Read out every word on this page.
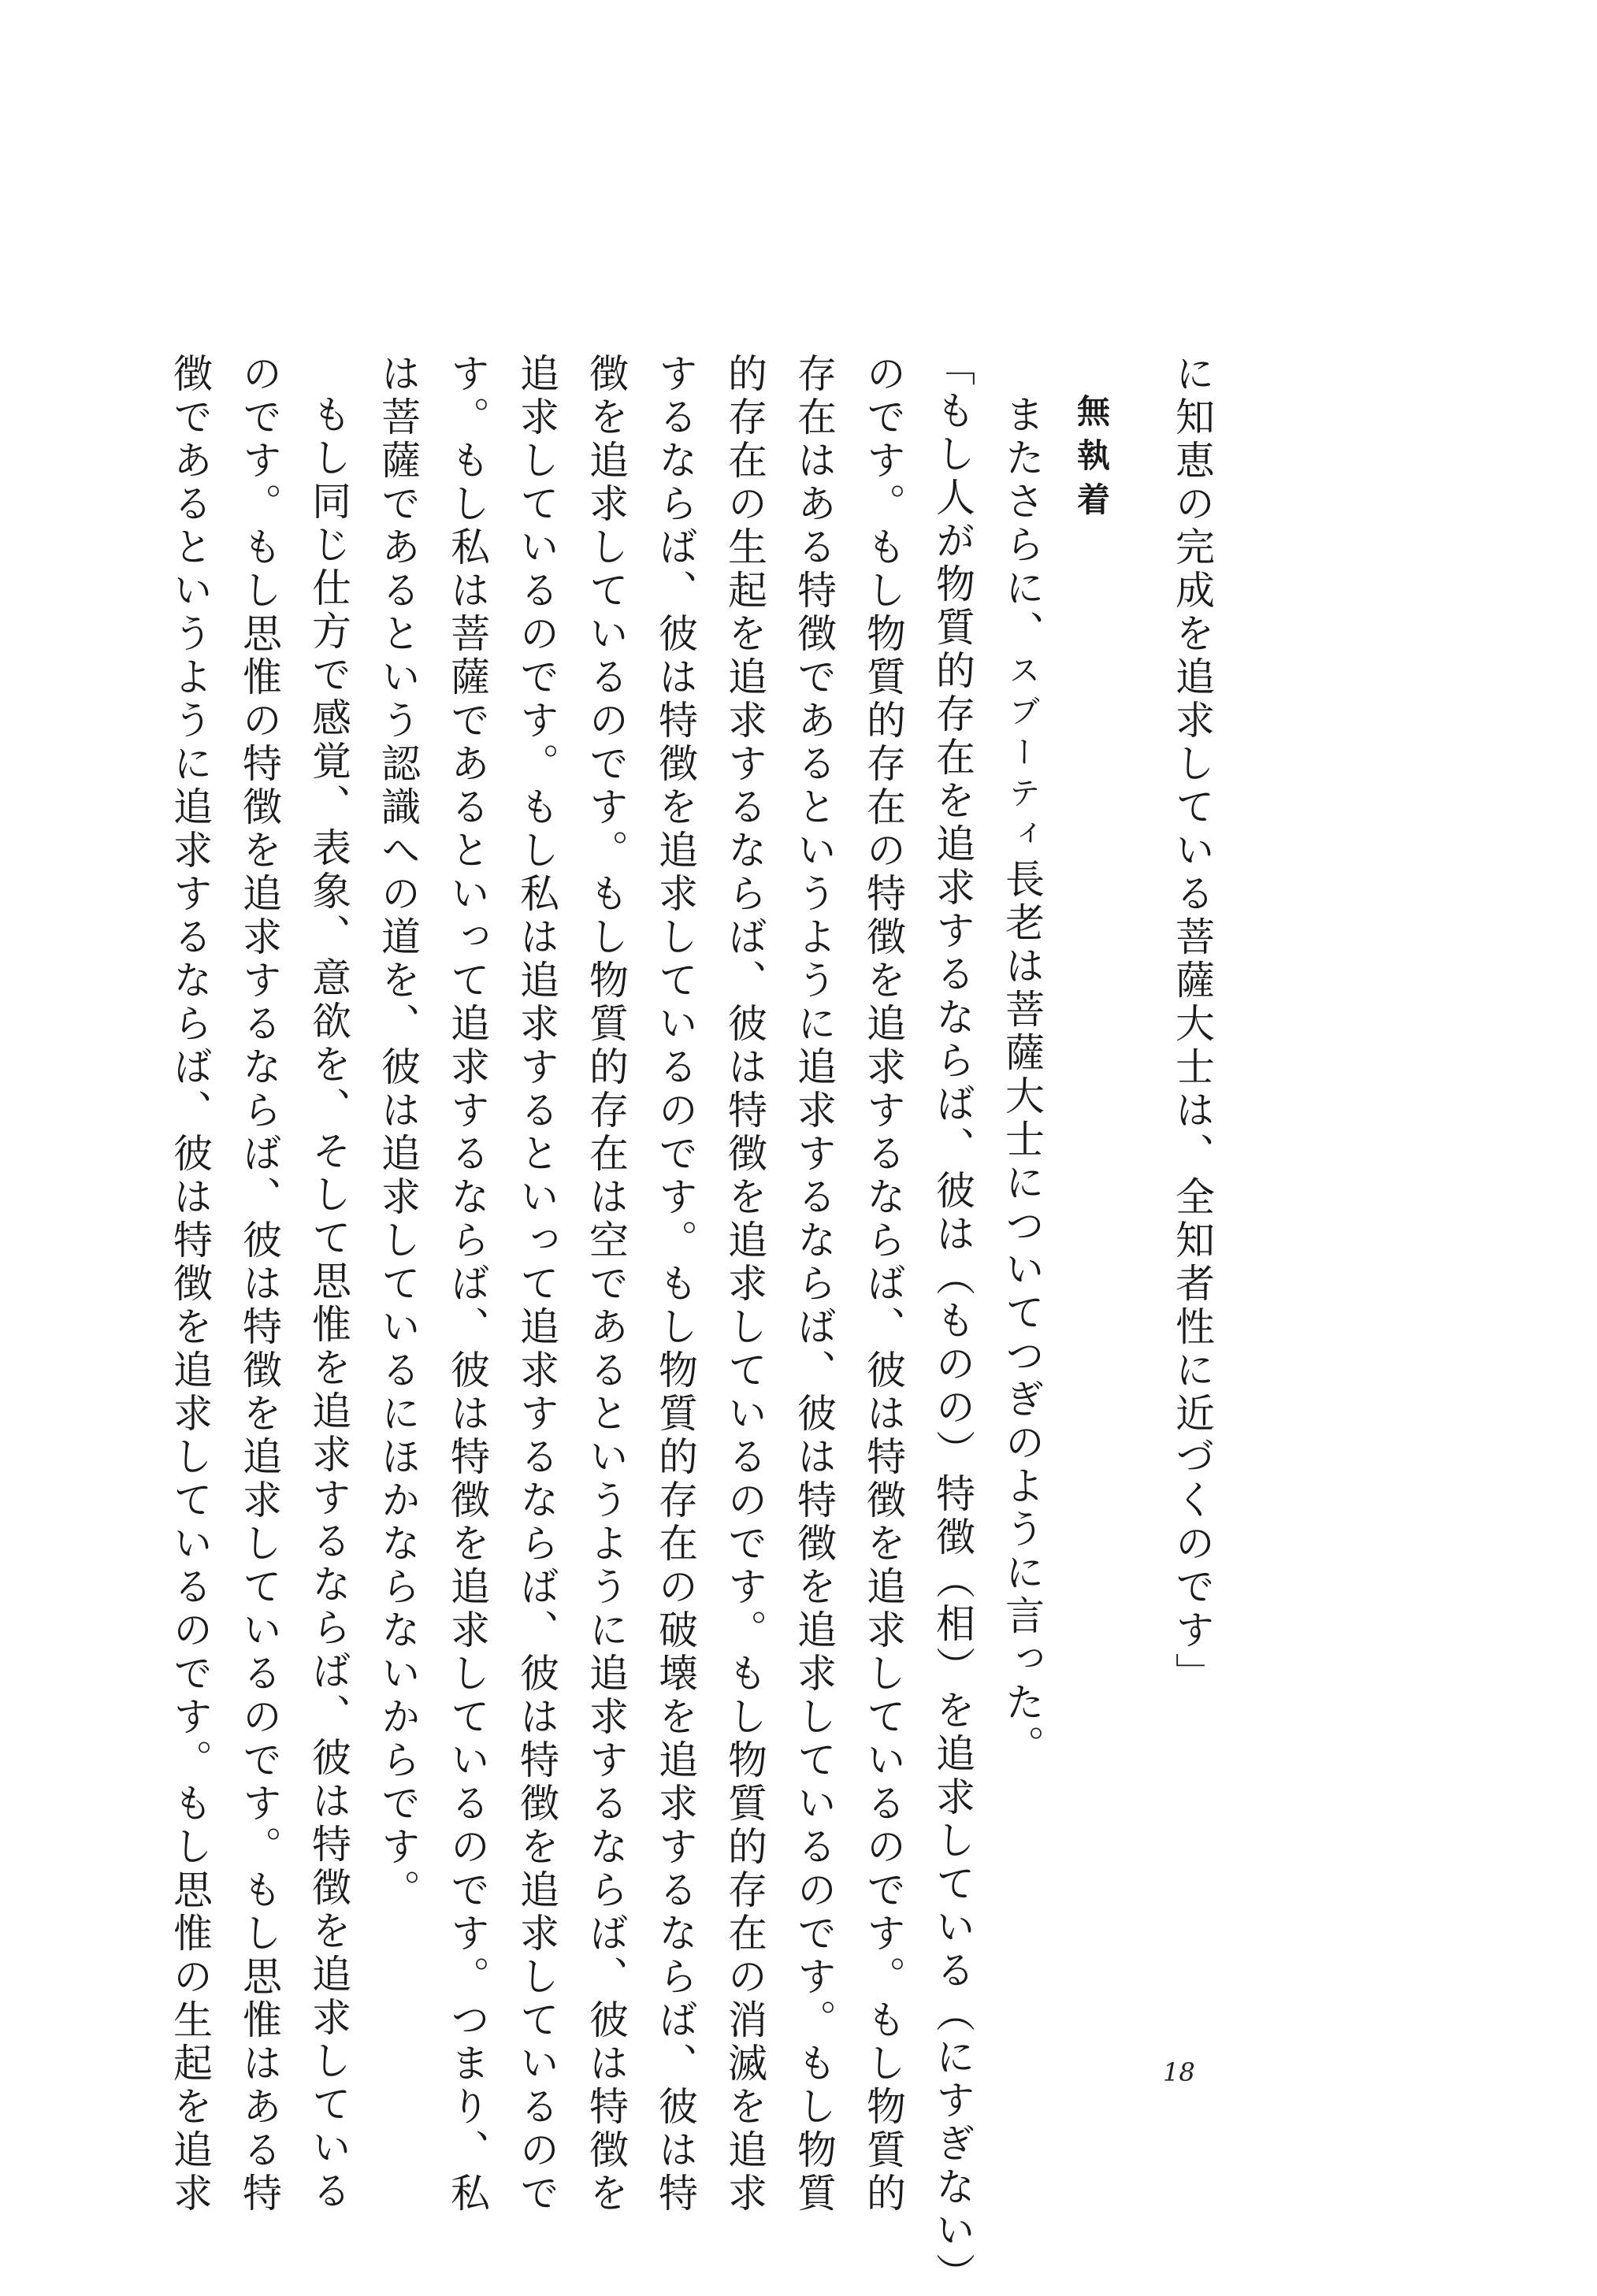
に知恵の完成を追求している菩薩大士は、全知者性に近づくのです」
無執着
またさらに、スブーティ長老は菩薩大士についてつぎのように言った。
「もし人が物質的存在を追求するならば、彼は（ものの）特徴（相）を追求している（にすぎない）
のです。もし物質的存在の特徴を追求するならば、彼は特徴を追求しているのです。もし物質的
存在はある特徴であるというように追求するならば、彼は特徴を追求しているのです。もし物質
的存在の生起を追求するならば、彼は特徴を追求しているのです。もし物質的存在の消滅を追求
するならば、彼は特徴を追求しているのです。もし物質的存在の破壊を追求するならば、彼は特
徴を追求しているのです。もし物質的存在は空であるというように追求するならば、彼は特徴を
追求しているのです。もし私は追求するといって追求するならば、彼は特徴を追求しているので
す。もし私は菩薩であるといって追求するならば、彼は特徴を追求しているのです。つまり、私
は菩薩であるという認識への道を、彼は追求しているにほかならないからです。
もし同じ仕方で感覚、表象、意欲を、そして思惟を追求するならば、彼は特徴を追求している
のです。もし思惟の特徴を追求するならば、彼は特徴を追求しているのです。もし思惟はある特
徴であるというように追求するならば、彼は特徴を追求しているのです。もし思惟の生起を追求	18
